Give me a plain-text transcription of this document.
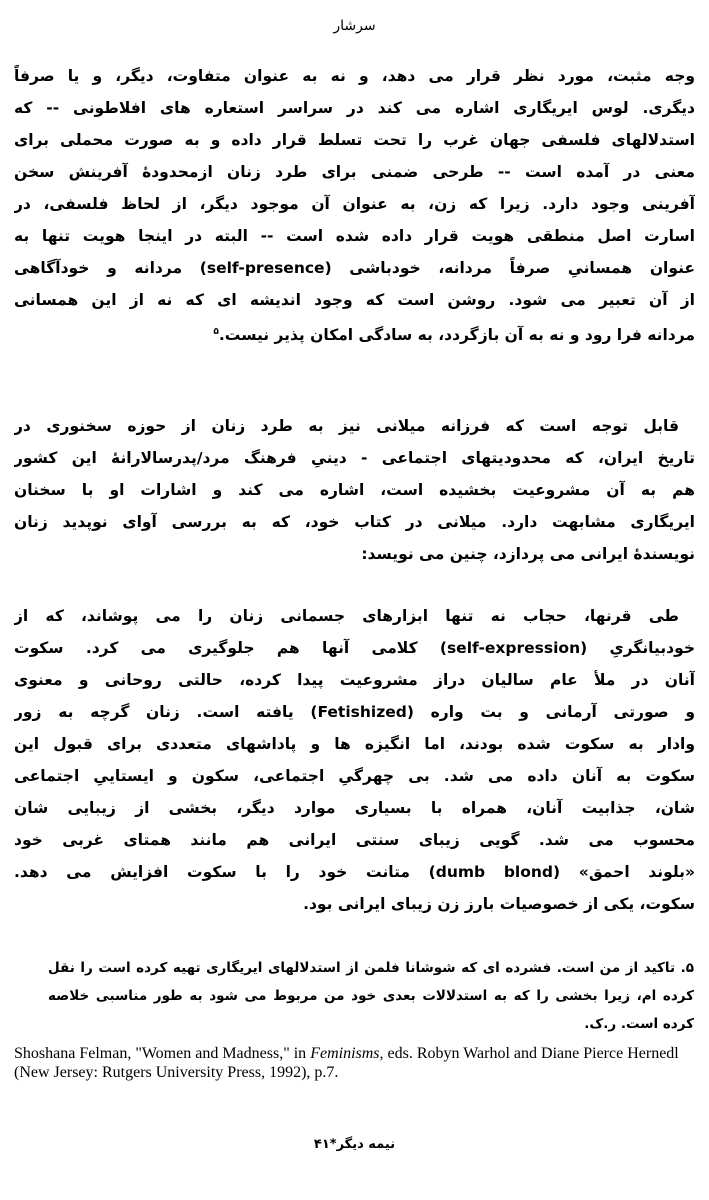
سرشار
وجه مثبت، مورد نظر قرار می دهد، و نه به عنوان متفاوت، دیگر، و یا صرفاً
دیگری. لوس ایریگاری اشاره می کند در سراسر استعاره های افلاطونی -- که
استدلالهای فلسفی جهان غرب را تحت تسلط قرار داده و به صورت محملی برای
معنی در آمده است -- طرحی ضمنی برای طرد زنان ازمحدودهٔ آفرینش سخن
آفرینی وجود دارد. زیرا که زن، به عنوان آن موجود دیگر، از لحاظ فلسفی، در
اسارت اصل منطقی هویت قرار داده شده است -- البته در اینجا هویت تنها به
عنوان همسانیِ صرفاً مردانه، خودباشی (self-presence) مردانه و خودآگاهی
از آن تعبیر می شود. روشن است که وجود اندیشه ای که نه از این همسانی
مردانه فرا رود و نه به آن بازگردد، به سادگی امکان پذیر نیست.$^۵$
قابل توجه است که فرزانه میلانی نیز به طرد زنان از حوزه سخنوری در
تاریخ ایران، که محدودیتهای اجتماعی - دینیِ فرهنگ مرد/پدرسالارانهٔ این کشور
هم به آن مشروعیت بخشیده است، اشاره می کند و اشارات او با سخنان
ایریگاری مشابهت دارد. میلانی در کتاب خود، که به بررسی آوای نوپدید زنان
نویسندهٔ ایرانی می پردازد، چنین می نویسد:
طی قرنها، حجاب نه تنها ابزارهای جسمانی زنان را می پوشاند، که از
خودبیانگریِ (self-expression) کلامی آنها هم جلوگیری می کرد. سکوت
آنان در ملأ عام سالیان دراز مشروعیت پیدا کرده، حالتی روحانی و معنوی
و صورتی آرمانی و بت واره (Fetishized) یافته است. زنان گرچه به زور
وادار به سکوت شده بودند، اما انگیزه ها و پاداشهای متعددی برای قبول این
سکوت به آنان داده می شد. بی چهرگیِ اجتماعی، سکون و ایستاییِ اجتماعی
شان، جذابیت آنان، همراه با بسیاری موارد دیگر، بخشی از زیبایی شان
محسوب می شد. گویی زیبای سنتی ایرانی هم مانند همتای غربی خود
«بلوند احمق» (dumb blond) متانت خود را با سکوت افزایش می دهد.
سکوت، یکی از خصوصیات بارز زن زیبای ایرانی بود.
۵. تاکید از من است. فشرده ای که شوشانا فلمن از استدلالهای ایریگاری تهیه کرده است را نقل
کرده ام، زیرا بخشی را که به استدلالات بعدی خود من مربوط می شود به طور مناسبی خلاصه
کرده است. ر.ک.
Shoshana Felman, "Women and Madness," in Feminisms, eds. Robyn Warhol and Diane Pierce Hernedl (New Jersey: Rutgers University Press, 1992), p.7.
نیمه دیگر*۴۱
